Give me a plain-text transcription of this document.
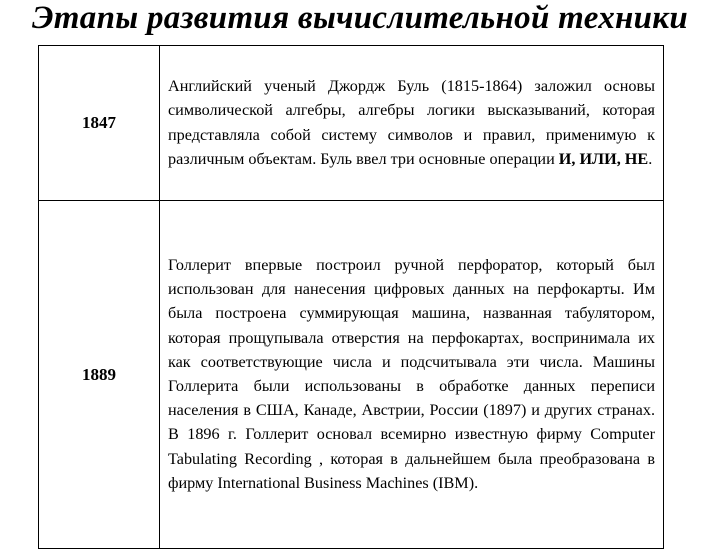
Этапы развития вычислительной техники
1847	Английский ученый Джордж Буль (1815-1864) заложил основы символической алгебры, алгебры логики высказываний, которая представляла собой систему символов и правил, применимую к различным объектам. Буль ввел три основные операции И, ИЛИ, НЕ.
1889	Голлерит впервые построил ручной перфоратор, который был использован для нанесения цифровых данных на перфокарты. Им была построена суммирующая машина, названная табулятором, которая прощупывала отверстия на перфокартах, воспринимала их как соответствующие числа и подсчитывала эти числа. Машины Голлерита были использованы в обработке данных переписи населения в США, Канаде, Австрии, России (1897) и других странах. В 1896 г. Голлерит основал всемирно известную фирму Computer Tabulating Recording , которая в дальнейшем была преобразована в фирму International Business Machines (IBM).
